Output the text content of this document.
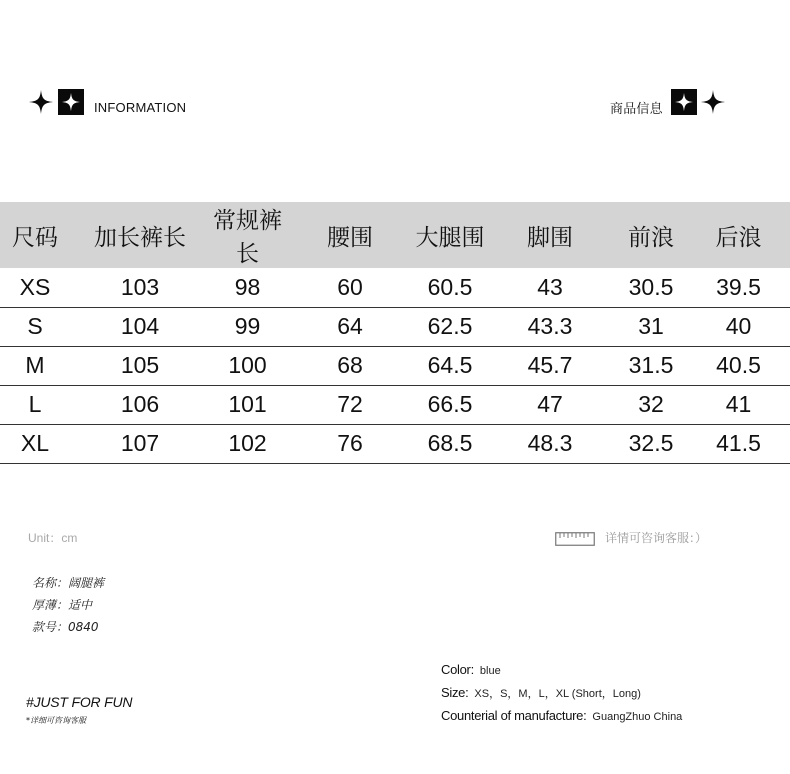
INFORMATION	商品信息
尺码	加长裤长	常规裤长	腰围	大腿围	脚围	前浪	后浪
XS	103	98	60	60.5	43	30.5	39.5
S	104	99	64	62.5	43.3	31	40
M	105	100	68	64.5	45.7	31.5	40.5
L	106	101	72	66.5	47	32	41
XL	107	102	76	68.5	48.3	32.5	41.5
Unit：cm	详情可咨询客服：）
名称：阔腿裤
厚薄：适中
款号：0840
#JUST FOR FUN
*详细可咨询客服
Color: blue
Size: XS，S，M，L，XL (Short，Long)
Counterial of manufacture: GuangZhuo China
